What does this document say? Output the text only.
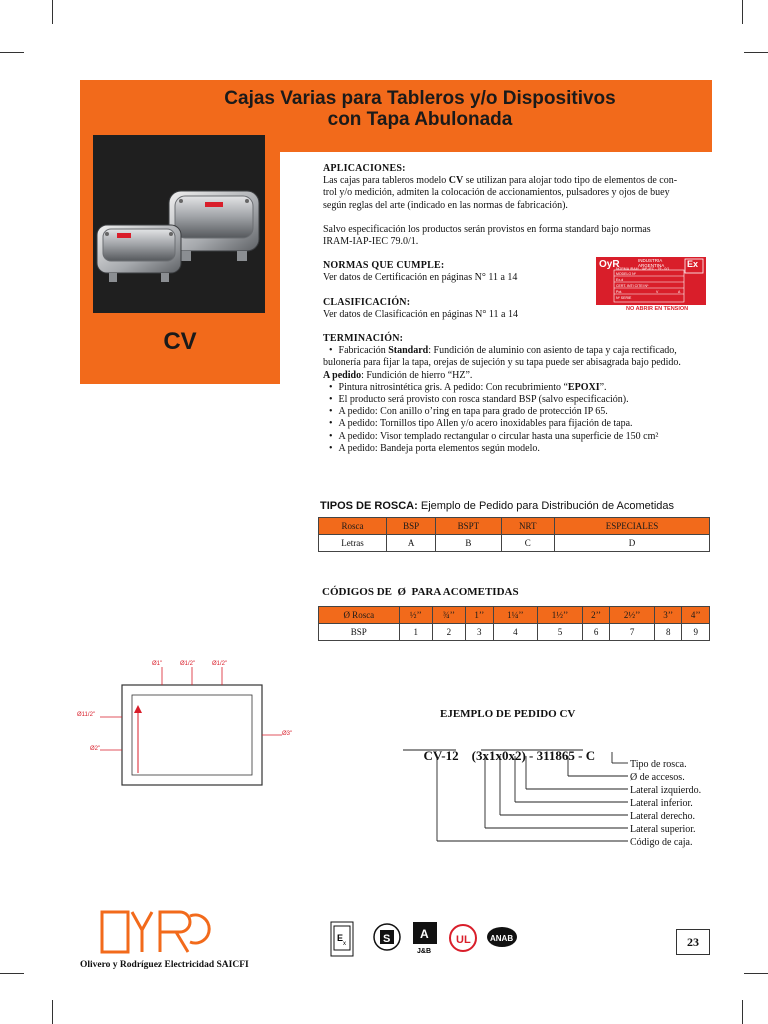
Cajas Varias para Tableros y/o Dispositivos
con Tapa Abulonada
CV
APLICACIONES:
Las cajas para tableros modelo CV se utilizan para alojar todo tipo de elementos de con-
trol y/o medición, admiten la colocación de accionamientos, pulsadores y ojos de buey
según reglas del arte (indicado en las normas de fabricación).
Salvo especificación los productos serán provistos en forma standard bajo normas
IRAM-IAP-IEC 79.0/1.
NORMAS QUE CUMPLE:
Ver datos de Certificación en páginas N° 11 a 14
CLASIFICACIÓN:
Ver datos de Clasificación en páginas N° 11 a 14
TERMINACIÓN:
• Fabricación Standard: Fundición de aluminio con asiento de tapa y caja rectificado,
bulonería para fijar la tapa, orejas de sujeción y su tapa puede ser abisagrada bajo pedido.
A pedido: Fundición de hierro “HZ”.
• Pintura nitrosintética gris. A pedido: Con recubrimiento “EPOXI”.
• El producto será provisto con rosca standard BSP (salvo especificación).
• A pedido: Con anillo o’ring en tapa para grado de protección IP 65.
• A pedido: Tornillos tipo Allen y/o acero inoxidables para fijación de tapa.
• A pedido: Visor templado rectangular o circular hasta una superficie de 150 cm²
• A pedido: Bandeja porta elementos según modelo.
OyR	INDUSTRIA
ARGENTINA
NORMA IRAM - IAP-IEC - 79 - 0/1
MODELO Nº
Ex-d
CERT. INTI CITEI Nº
Pot.	V	A
Nº SERIE
Ex
NO ABRIR EN TENSION
TIPOS DE ROSCA: Ejemplo de Pedido para Distribución de Acometidas
Rosca	BSP	BSPT	NRT	ESPECIALES
Letras	A	B	C	D
CÓDIGOS DE  Ø  PARA ACOMETIDAS
Ø Rosca	½’’	¾’’	1’’	1¼’’	1½’’	2’’	2½’’	3’’	4’’
BSP	1	2	3	4	5	6	7	8	9
Ø1"	Ø1/2"	Ø1/2"
Ø11/2"
Ø2"
Ø3"
EJEMPLO DE PEDIDO CV

CV-12 (3x1x0x2) - 311865 - C

Tipo de rosca.
Ø de accesos.
Lateral izquierdo.
Lateral inferior.
Lateral derecho.
Lateral superior.
Código de caja.
Olivero y Rodríguez Electricidad SAICFI
E
x	S A
J&B
UL ANAB	23
